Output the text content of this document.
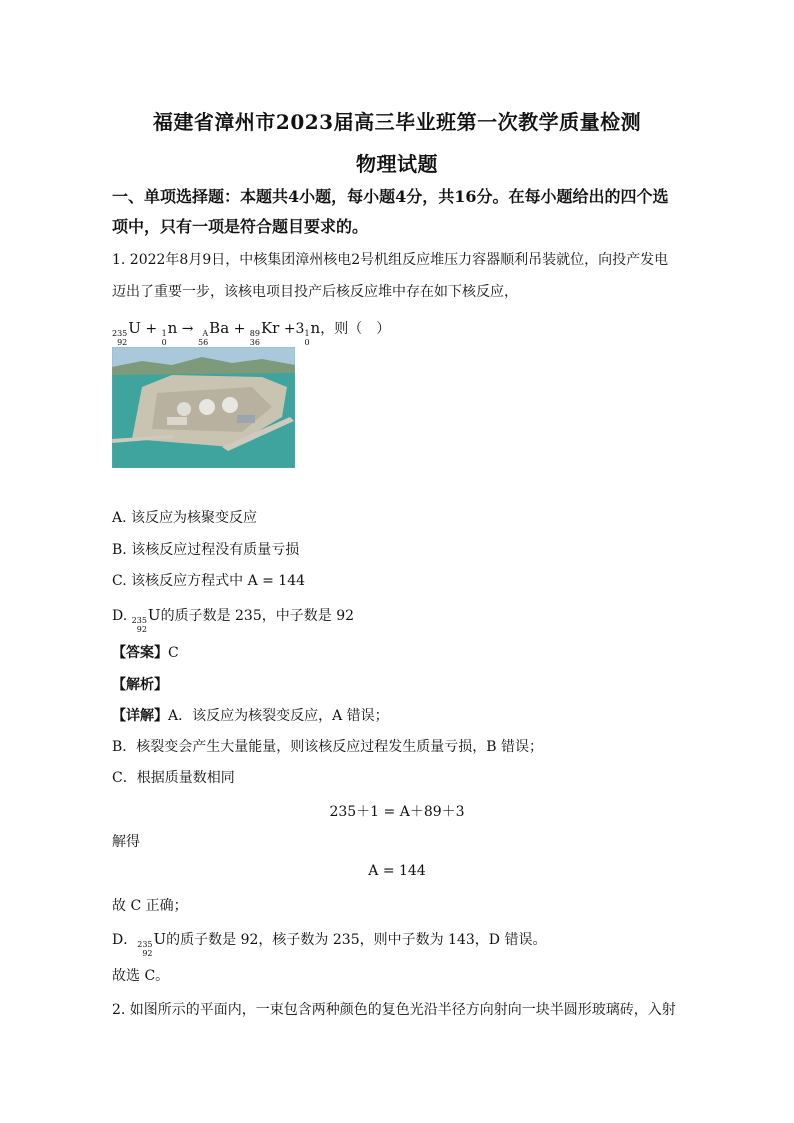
福建省漳州市2023届高三毕业班第一次教学质量检测
物理试题
一、单项选择题：本题共4小题，每小题4分，共16分。在每小题给出的四个选
项中，只有一项是符合题目要求的。
1. 2022年8月9日，中核集团漳州核电2号机组反应堆压力容器顺利吊装就位，向投产发电
迈出了重要一步，该核电项目投产后核反应堆中存在如下核反应，
235
92
U + 1
0
n →	A
56
Ba + 89
36
Kr +3 1
0
n，则（　）
A. 该反应为核聚变反应
B. 该核反应过程没有质量亏损
C. 该核反应方程式中 A = 144
D. 235
92
U的质子数是 235，中子数是 92
【答案】C
【解析】
【详解】A．该反应为核裂变反应，A 错误；
B．核裂变会产生大量能量，则该核反应过程发生质量亏损，B 错误；
C．根据质量数相同
235＋1 = A＋89＋3
解得
A = 144
故 C 正确；
D． 235
92
U的质子数是 92，核子数为 235，则中子数为 143，D 错误。
故选 C。
2. 如图所示的平面内，一束包含两种颜色的复色光沿半径方向射向一块半圆形玻璃砖，入射
